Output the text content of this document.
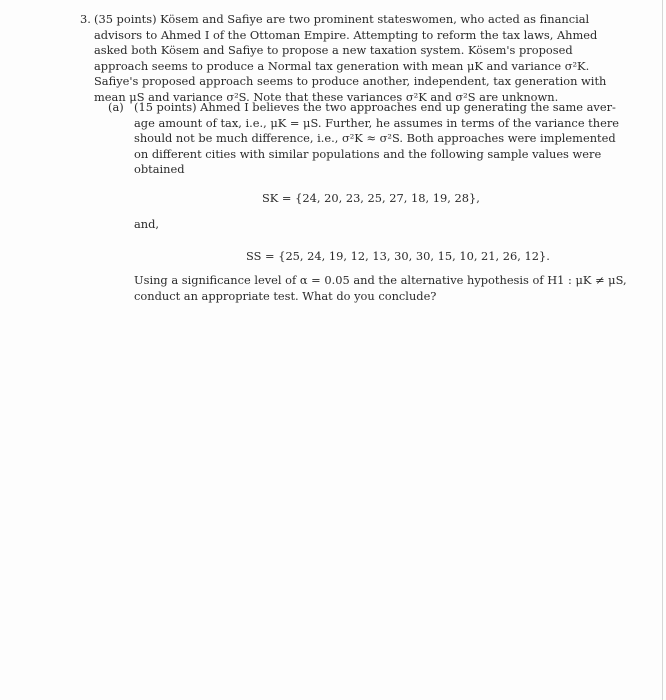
3. (35 points) Kösem and Safiye are two prominent stateswomen, who acted as financial
advisors to Ahmed I of the Ottoman Empire. Attempting to reform the tax laws, Ahmed
asked both Kösem and Safiye to propose a new taxation system. Kösem's proposed
approach seems to produce a Normal tax generation with mean μK and variance σ²K.
Safiye's proposed approach seems to produce another, independent, tax generation with
mean μS and variance σ²S. Note that these variances σ²K and σ²S are unknown.
(a) (15 points) Ahmed I believes the two approaches end up generating the same aver-
age amount of tax, i.e., μK = μS. Further, he assumes in terms of the variance there
should not be much difference, i.e., σ²K ≈ σ²S. Both approaches were implemented
on different cities with similar populations and the following sample values were
obtained
SK = {24, 20, 23, 25, 27, 18, 19, 28},
and,
SS = {25, 24, 19, 12, 13, 30, 30, 15, 10, 21, 26, 12}.
Using a significance level of α = 0.05 and the alternative hypothesis of H1 : μK ≠ μS,
conduct an appropriate test. What do you conclude?
